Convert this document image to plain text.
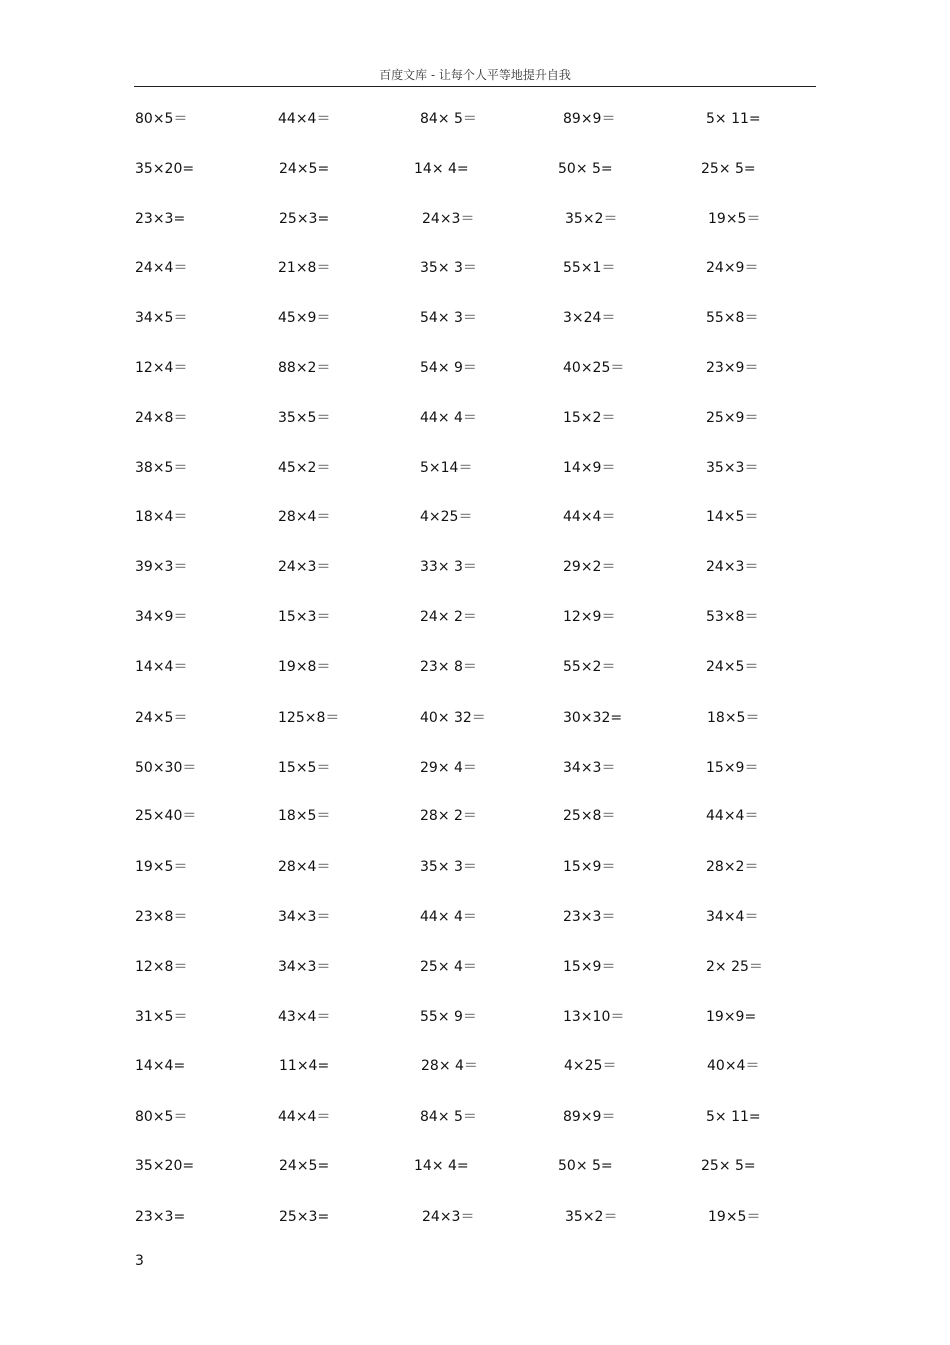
百度文库 - 让每个人平等地提升自我
80×5＝	44×4＝	84× 5＝	89×9＝	5× 11=
35×20=	24×5=	14× 4=	50× 5=	25× 5=
23×3=	25×3=	24×3＝	35×2＝	19×5＝
24×4＝	21×8＝	35× 3＝	55×1＝	24×9＝
34×5＝	45×9＝	54× 3＝	3×24＝	55×8＝
12×4＝	88×2＝	54× 9＝	40×25＝	23×9＝
24×8＝	35×5＝	44× 4＝	15×2＝	25×9＝
38×5＝	45×2＝	5×14＝	14×9＝	35×3＝
18×4＝	28×4＝	4×25＝	44×4＝	14×5＝
39×3＝	24×3＝	33× 3＝	29×2＝	24×3＝
34×9＝	15×3＝	24× 2＝	12×9＝	53×8＝
14×4＝	19×8＝	23× 8＝	55×2＝	24×5＝
24×5＝	125×8＝	40× 32＝	30×32=	18×5＝
50×30＝	15×5＝	29× 4＝	34×3＝	15×9＝
25×40＝	18×5＝	28× 2＝	25×8＝	44×4＝
19×5＝	28×4＝	35× 3＝	15×9＝	28×2＝
23×8＝	34×3＝	44× 4＝	23×3＝	34×4＝
12×8＝	34×3＝	25× 4＝	15×9＝	2× 25＝
31×5＝	43×4＝	55× 9＝	13×10＝	19×9=
14×4=	11×4=	28× 4＝	4×25＝	40×4＝
80×5＝	44×4＝	84× 5＝	89×9＝	5× 11=
35×20=	24×5=	14× 4=	50× 5=	25× 5=
23×3=	25×3=	24×3＝	35×2＝	19×5＝
3
